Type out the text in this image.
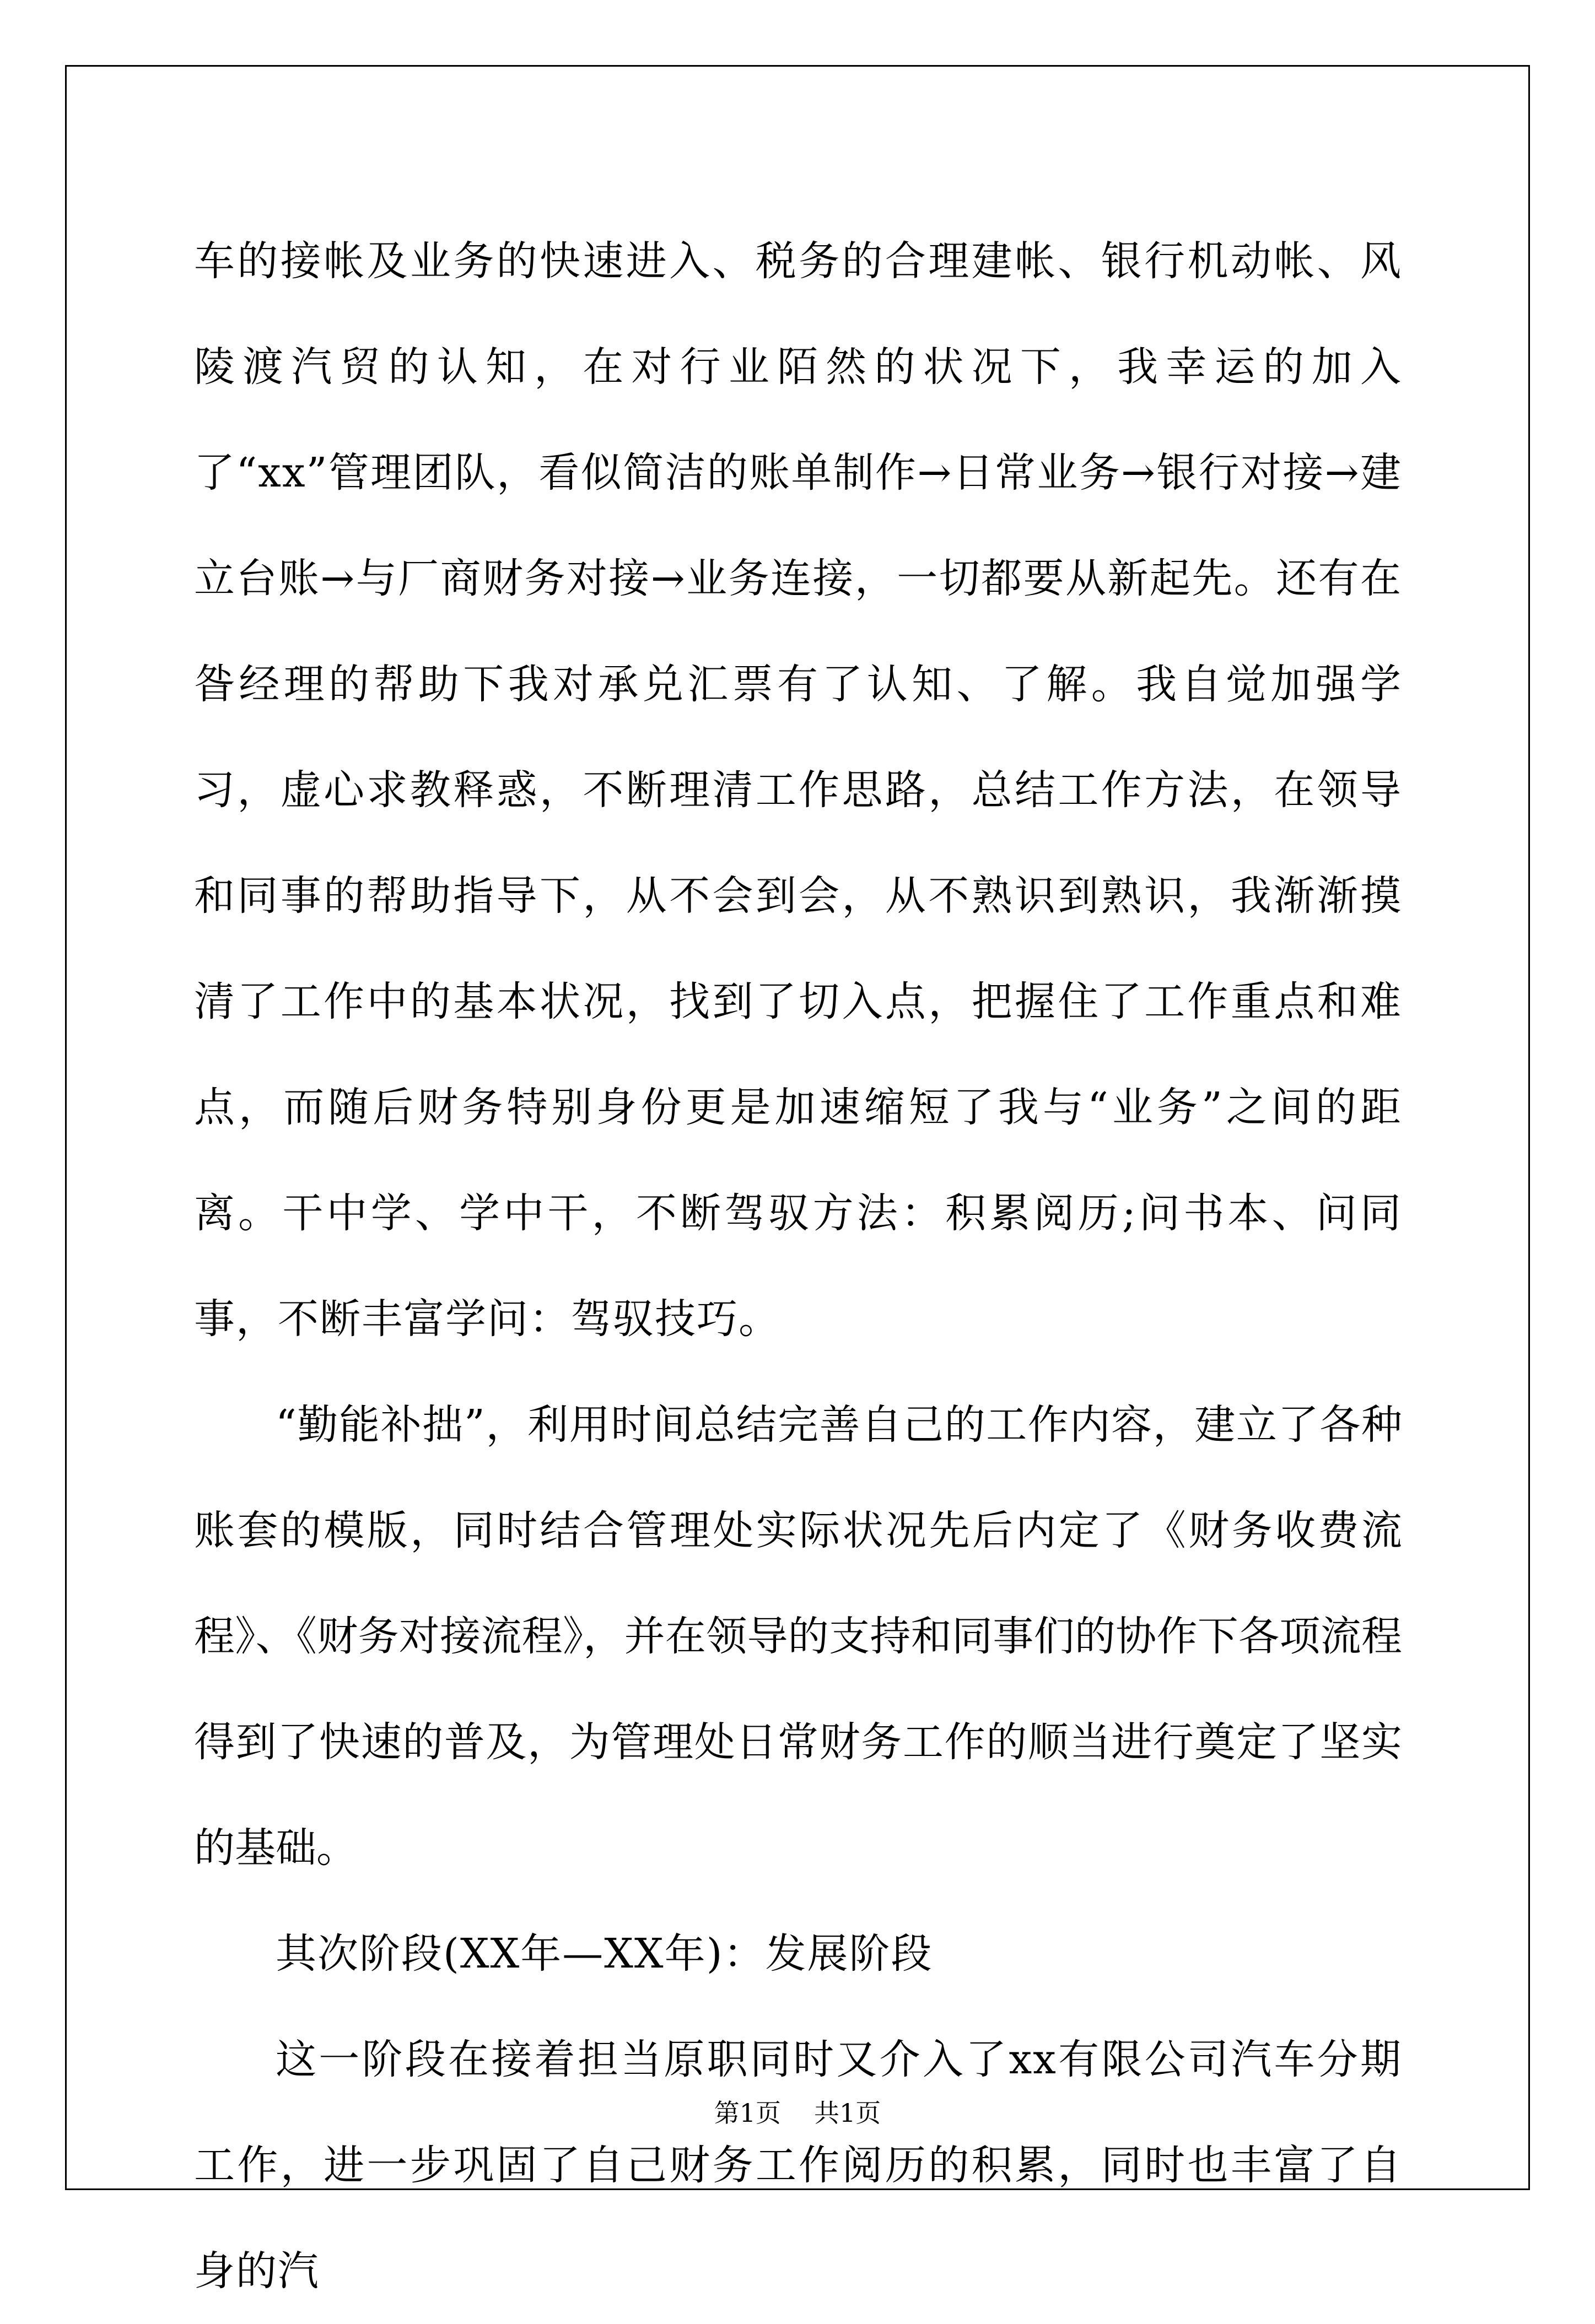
车的接帐及业务的快速进入、税务的合理建帐、银行机动帐、风陵渡汽贸的认知，在对行业陌然的状况下，我幸运的加入了“xx”管理团队，看似简洁的账单制作→日常业务→银行对接→建立台账→与厂商财务对接→业务连接，一切都要从新起先。还有在昝经理的帮助下我对承兑汇票有了认知、了解。我自觉加强学习，虚心求教释惑，不断理清工作思路，总结工作方法，在领导和同事的帮助指导下，从不会到会，从不熟识到熟识，我渐渐摸清了工作中的基本状况，找到了切入点，把握住了工作重点和难点，而随后财务特别身份更是加速缩短了我与“业务”之间的距离。干中学、学中干，不断驾驭方法：积累阅历;问书本、问同事，不断丰富学问：驾驭技巧。

“勤能补拙”，利用时间总结完善自己的工作内容，建立了各种账套的模版，同时结合管理处实际状况先后内定了《财务收费流程》、《财务对接流程》，并在领导的支持和同事们的协作下各项流程得到了快速的普及，为管理处日常财务工作的顺当进行奠定了坚实的基础。

其次阶段(XX年—XX年)：发展阶段

这一阶段在接着担当原职同时又介入了xx有限公司汽车分期工作，进一步巩固了自己财务工作阅历的积累，同时也丰富了自身的汽

第1页 共1页
